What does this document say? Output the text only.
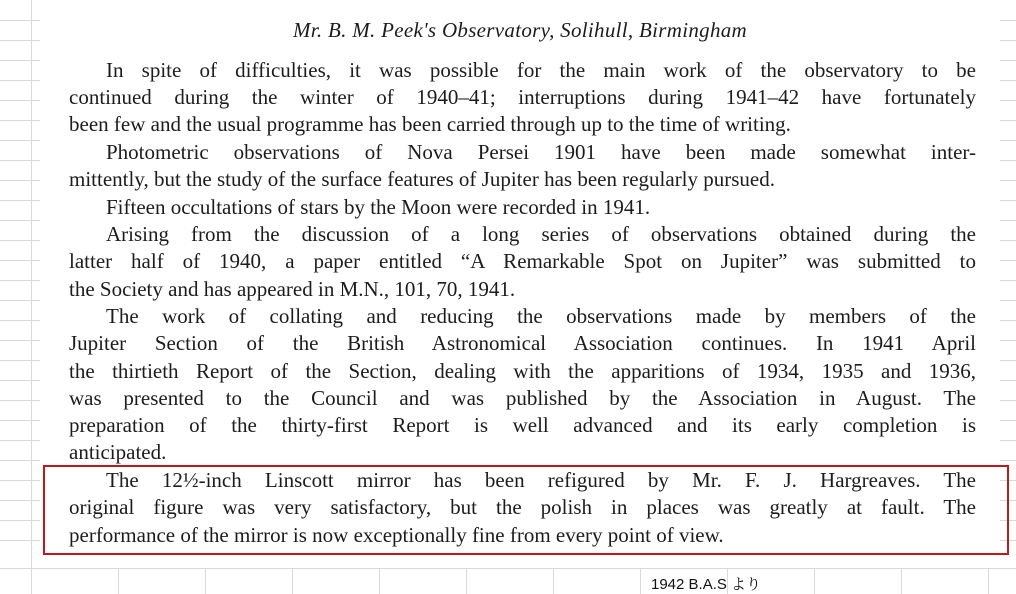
Mr. B. M. Peek's Observatory, Solihull, Birmingham
In spite of difficulties, it was possible for the main work of the observatory to be
continued during the winter of 1940–41; interruptions during 1941–42 have fortunately
been few and the usual programme has been carried through up to the time of writing.
Photometric observations of Nova Persei 1901 have been made somewhat inter-
mittently, but the study of the surface features of Jupiter has been regularly pursued.
Fifteen occultations of stars by the Moon were recorded in 1941.
Arising from the discussion of a long series of observations obtained during the
latter half of 1940, a paper entitled “A Remarkable Spot on Jupiter” was submitted to
the Society and has appeared in M.N., 101, 70, 1941.
The work of collating and reducing the observations made by members of the
Jupiter Section of the British Astronomical Association continues. In 1941 April
the thirtieth Report of the Section, dealing with the apparitions of 1934, 1935 and 1936,
was presented to the Council and was published by the Association in August. The
preparation of the thirty-first Report is well advanced and its early completion is
anticipated.
The 12½-inch Linscott mirror has been refigured by Mr. F. J. Hargreaves. The
original figure was very satisfactory, but the polish in places was greatly at fault. The
performance of the mirror is now exceptionally fine from every point of view.
1942 B.A.S より
